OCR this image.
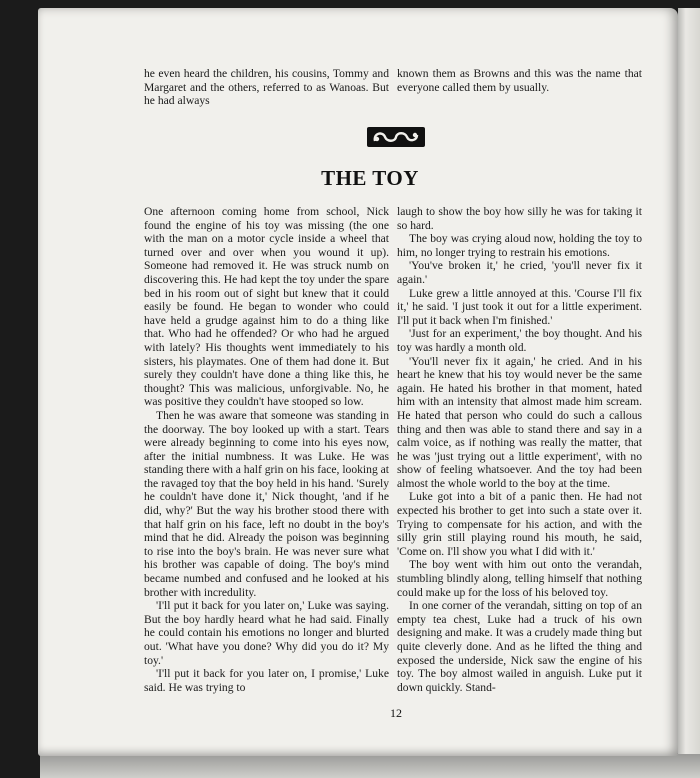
he even heard the children, his cousins, Tommy and Margaret and the others, referred to as Wanoas. But he had always

known them as Browns and this was the name that everyone called them by usually.

THE TOY

One afternoon coming home from school, Nick found the engine of his toy was missing (the one with the man on a motor cycle inside a wheel that turned over and over when you wound it up). Someone had removed it. He was struck numb on discovering this. He had kept the toy under the spare bed in his room out of sight but knew that it could easily be found. He began to wonder who could have held a grudge against him to do a thing like that. Who had he offended? Or who had he argued with lately? His thoughts went immediately to his sisters, his playmates. One of them had done it. But surely they couldn't have done a thing like this, he thought? This was malicious, unforgivable. No, he was positive they couldn't have stooped so low.

Then he was aware that someone was standing in the doorway. The boy looked up with a start. Tears were already beginning to come into his eyes now, after the initial numbness. It was Luke. He was standing there with a half grin on his face, looking at the ravaged toy that the boy held in his hand. 'Surely he couldn't have done it,' Nick thought, 'and if he did, why?' But the way his brother stood there with that half grin on his face, left no doubt in the boy's mind that he did. Already the poison was beginning to rise into the boy's brain. He was never sure what his brother was capable of doing. The boy's mind became numbed and confused and he looked at his brother with incredulity.

'I'll put it back for you later on,' Luke was saying. But the boy hardly heard what he had said. Finally he could contain his emotions no longer and blurted out. 'What have you done? Why did you do it? My toy.'

'I'll put it back for you later on, I promise,' Luke said. He was trying to

laugh to show the boy how silly he was for taking it so hard.

The boy was crying aloud now, holding the toy to him, no longer trying to restrain his emotions.

'You've broken it,' he cried, 'you'll never fix it again.'

Luke grew a little annoyed at this. 'Course I'll fix it,' he said. 'I just took it out for a little experiment. I'll put it back when I'm finished.'

'Just for an experiment,' the boy thought. And his toy was hardly a month old.

'You'll never fix it again,' he cried. And in his heart he knew that his toy would never be the same again. He hated his brother in that moment, hated him with an intensity that almost made him scream. He hated that person who could do such a callous thing and then was able to stand there and say in a calm voice, as if nothing was really the matter, that he was 'just trying out a little experiment', with no show of feeling whatsoever. And the toy had been almost the whole world to the boy at the time.

Luke got into a bit of a panic then. He had not expected his brother to get into such a state over it. Trying to compensate for his action, and with the silly grin still playing round his mouth, he said, 'Come on. I'll show you what I did with it.'

The boy went with him out onto the verandah, stumbling blindly along, telling himself that nothing could make up for the loss of his beloved toy.

In one corner of the verandah, sitting on top of an empty tea chest, Luke had a truck of his own designing and make. It was a crudely made thing but quite cleverly done. And as he lifted the thing and exposed the underside, Nick saw the engine of his toy. The boy almost wailed in anguish. Luke put it down quickly. Stand-

12
